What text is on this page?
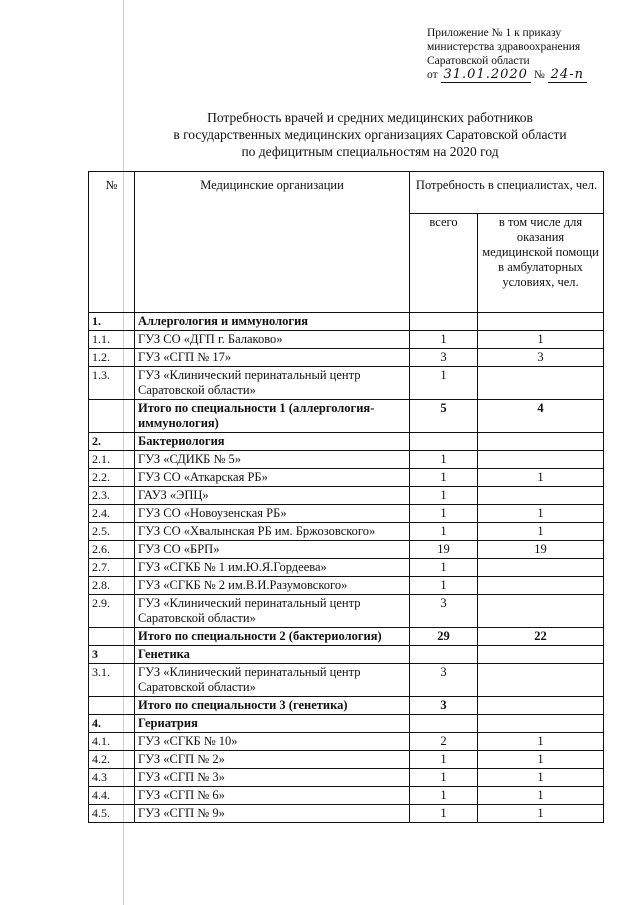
Приложение № 1 к приказу
министерства здравоохранения
Саратовской области
от 31.01.2020 № 24-п
Потребность врачей и средних медицинских работников
в государственных медицинских организациях Саратовской области
по дефицитным специальностям на 2020 год
№	Медицинские организации	Потребность в специалистах, чел.	
		всего	в том числе для оказания медицинской помощи в амбулаторных условиях, чел.
1.	Аллергология и иммунология		
1.1.	ГУЗ СО «ДГП г. Балаково»	1	1
1.2.	ГУЗ «СГП № 17»	3	3
1.3.	ГУЗ «Клинический перинатальный центр Саратовской области»	1	
	Итого по специальности 1 (аллергология-иммунология)	5	4
2.	Бактериология		
2.1.	ГУЗ «СДИКБ № 5»	1	
2.2.	ГУЗ СО «Аткарская РБ»	1	1
2.3.	ГАУЗ «ЭПЦ»	1	
2.4.	ГУЗ СО «Новоузенская РБ»	1	1
2.5.	ГУЗ СО «Хвалынская РБ им. Бржозовского»	1	1
2.6.	ГУЗ СО «БРП»	19	19
2.7.	ГУЗ «СГКБ № 1 им.Ю.Я.Гордеева»	1	
2.8.	ГУЗ «СГКБ № 2 им.В.И.Разумовского»	1	
2.9.	ГУЗ «Клинический перинатальный центр Саратовской области»	3	
	Итого по специальности 2 (бактериология)	29	22
3	Генетика		
3.1.	ГУЗ «Клинический перинатальный центр Саратовской области»	3	
	Итого по специальности 3 (генетика)	3	
4.	Гериатрия		
4.1.	ГУЗ «СГКБ № 10»	2	1
4.2.	ГУЗ «СГП № 2»	1	1
4.3	ГУЗ «СГП № 3»	1	1
4.4.	ГУЗ «СГП № 6»	1	1
4.5.	ГУЗ «СГП № 9»	1	1
